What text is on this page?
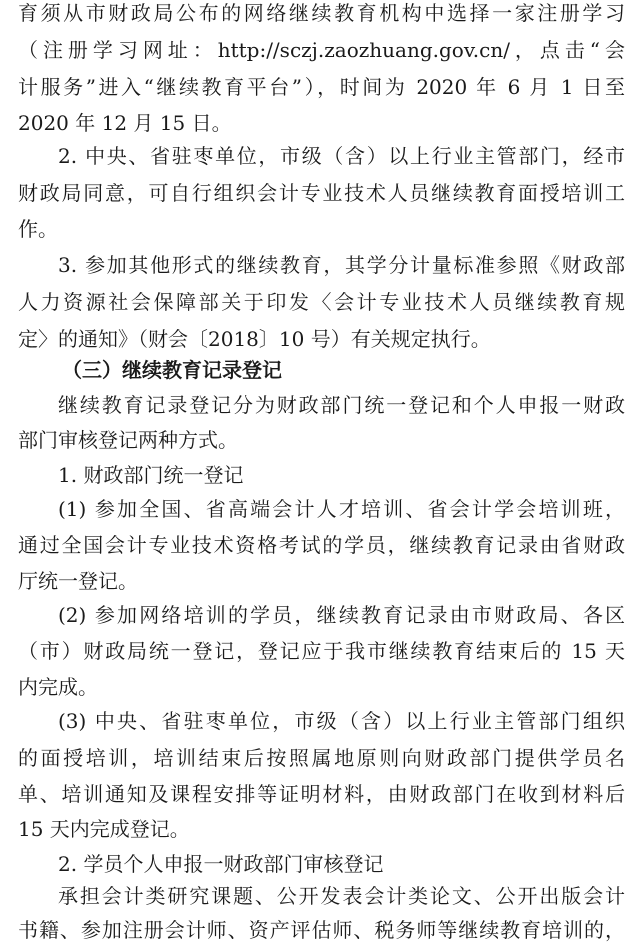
育须从市财政局公布的网络继续教育机构中选择一家注册学习
（注册学习网址：http://sczj.zaozhuang.gov.cn/，点击“会
计服务”进入“继续教育平台”），时间为 2020 年 6 月 1 日至
2020 年 12 月 15 日。
2. 中央、省驻枣单位，市级（含）以上行业主管部门，经市
财政局同意，可自行组织会计专业技术人员继续教育面授培训工
作。
3. 参加其他形式的继续教育，其学分计量标准参照《财政部
人力资源社会保障部关于印发〈会计专业技术人员继续教育规
定〉的通知》（财会〔2018〕10 号）有关规定执行。
（三）继续教育记录登记
继续教育记录登记分为财政部门统一登记和个人申报一财政
部门审核登记两种方式。
1. 财政部门统一登记
(1) 参加全国、省高端会计人才培训、省会计学会培训班，
通过全国会计专业技术资格考试的学员，继续教育记录由省财政
厅统一登记。
(2) 参加网络培训的学员，继续教育记录由市财政局、各区
（市）财政局统一登记，登记应于我市继续教育结束后的 15 天
内完成。
(3) 中央、省驻枣单位，市级（含）以上行业主管部门组织
的面授培训，培训结束后按照属地原则向财政部门提供学员名
单、培训通知及课程安排等证明材料，由财政部门在收到材料后
15 天内完成登记。
2. 学员个人申报一财政部门审核登记
承担会计类研究课题、公开发表会计类论文、公开出版会计
书籍、参加注册会计师、资产评估师、税务师等继续教育培训的，
